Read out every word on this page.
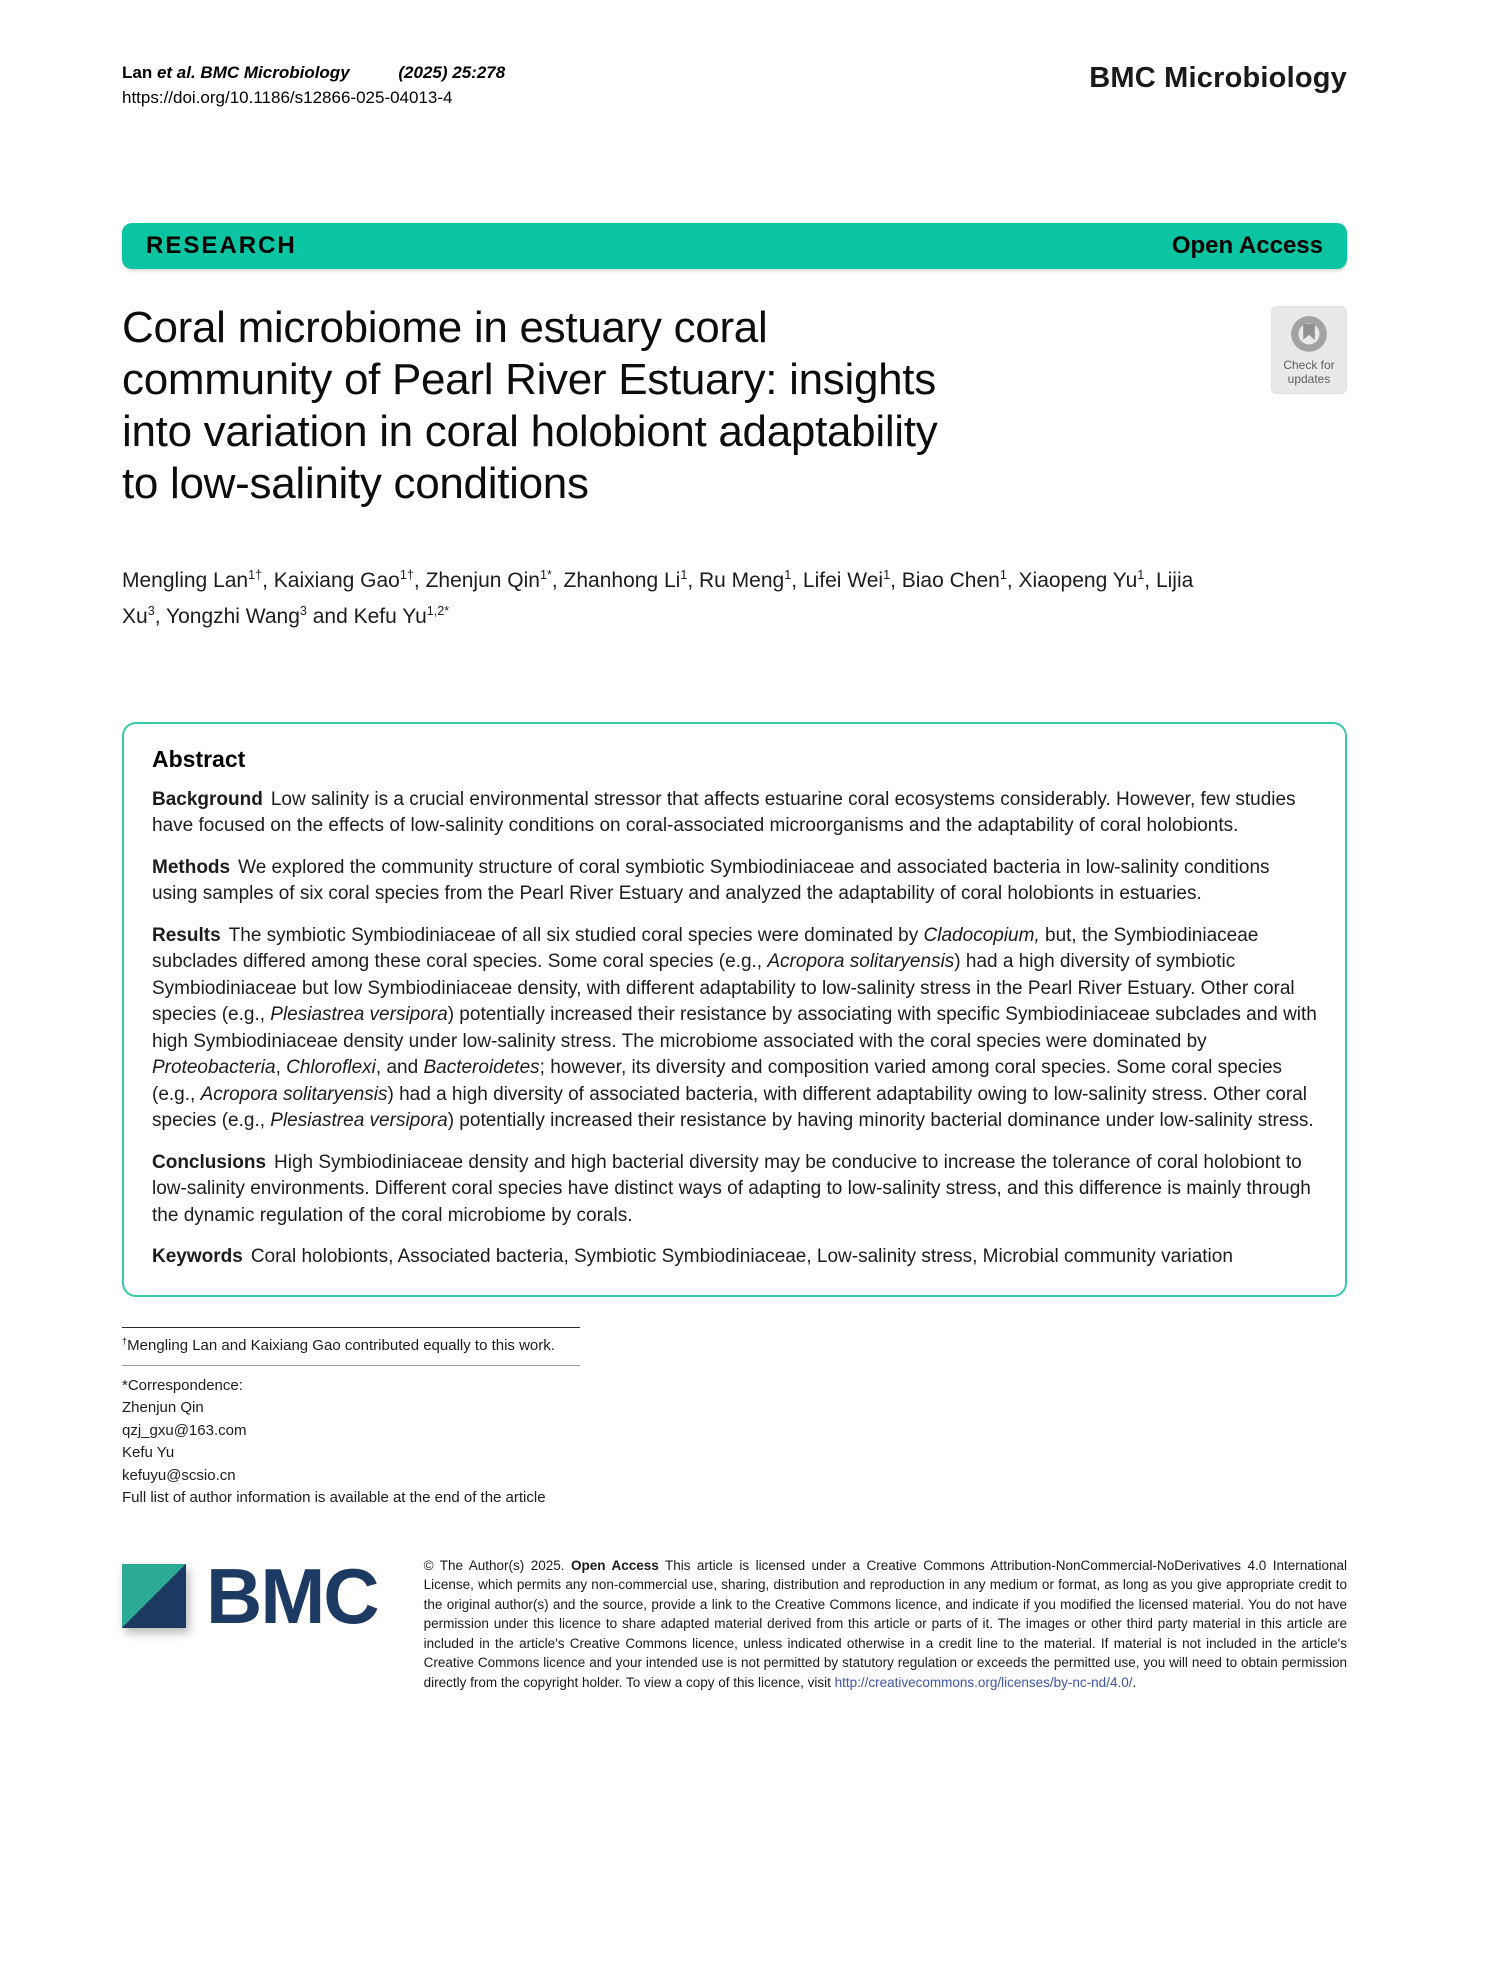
Lan et al. BMC Microbiology	(2025) 25:278
https://doi.org/10.1186/s12866-025-04013-4
BMC Microbiology
RESEARCH	Open Access
Coral microbiome in estuary coral
community of Pearl River Estuary: insights
into variation in coral holobiont adaptability
to low-salinity conditions
Check for
updates

Mengling Lan$^{1\dagger}$, Kaixiang Gao$^{1\dagger}$, Zhenjun Qin$^{1*}$, Zhanhong Li$^1$, Ru Meng$^1$, Lifei Wei$^1$, Biao Chen$^1$, Xiaopeng Yu$^1$, Lijia Xu$^3$, Yongzhi Wang$^3$ and Kefu $Yu^{1,2*}$

Abstract

Background Low salinity is a crucial environmental stressor that affects estuarine coral ecosystems considerably. However, few studies have focused on the effects of low-salinity conditions on coral-associated microorganisms and the adaptability of coral holobionts.

Methods We explored the community structure of coral symbiotic Symbiodiniaceae and associated bacteria in low-salinity conditions using samples of six coral species from the Pearl River Estuary and analyzed the adaptability of coral holobionts in estuaries.

Results The symbiotic Symbiodiniaceae of all six studied coral species were dominated by Cladocopium, but, the Symbiodiniaceae subclades differed among these coral species. Some coral species (e.g., Acropora solitaryensis) had a high diversity of symbiotic Symbiodiniaceae but low Symbiodiniaceae density, with different adaptability to low-salinity stress in the Pearl River Estuary. Other coral species (e.g., Plesiastrea versipora) potentially increased their resistance by associating with specific Symbiodiniaceae subclades and with high Symbiodiniaceae density under low-salinity stress. The microbiome associated with the coral species were dominated by Proteobacteria, Chloroflexi, and Bacteroidetes; however, its diversity and composition varied among coral species. Some coral species (e.g., Acropora solitaryensis) had a high diversity of associated bacteria, with different adaptability owing to low-salinity stress. Other coral species (e.g., Plesiastrea versipora) potentially increased their resistance by having minority bacterial dominance under low-salinity stress.

Conclusions High Symbiodiniaceae density and high bacterial diversity may be conducive to increase the tolerance of coral holobiont to low-salinity environments. Different coral species have distinct ways of adapting to low-salinity stress, and this difference is mainly through the dynamic regulation of the coral microbiome by corals.

Keywords Coral holobionts, Associated bacteria, Symbiotic Symbiodiniaceae, Low-salinity stress, Microbial community variation

†Mengling Lan and Kaixiang Gao contributed equally to this work.
*Correspondence:
Zhenjun Qin
qzj_gxu@163.com
Kefu Yu
kefuyu@scsio.cn
Full list of author information is available at the end of the article
BMC	© The Author(s) 2025. Open Access This article is licensed under a Creative Commons Attribution-NonCommercial-NoDerivatives 4.0 International License, which permits any non-commercial use, sharing, distribution and reproduction in any medium or format, as long as you give appropriate credit to the original author(s) and the source, provide a link to the Creative Commons licence, and indicate if you modified the licensed material. You do not have permission under this licence to share adapted material derived from this article or parts of it. The images or other third party material in this article are included in the article's Creative Commons licence, unless indicated otherwise in a credit line to the material. If material is not included in the article's Creative Commons licence and your intended use is not permitted by statutory regulation or exceeds the permitted use, you will need to obtain permission directly from the copyright holder. To view a copy of this licence, visit http://creativecommons.org/licenses/by-nc-nd/4.0/.
